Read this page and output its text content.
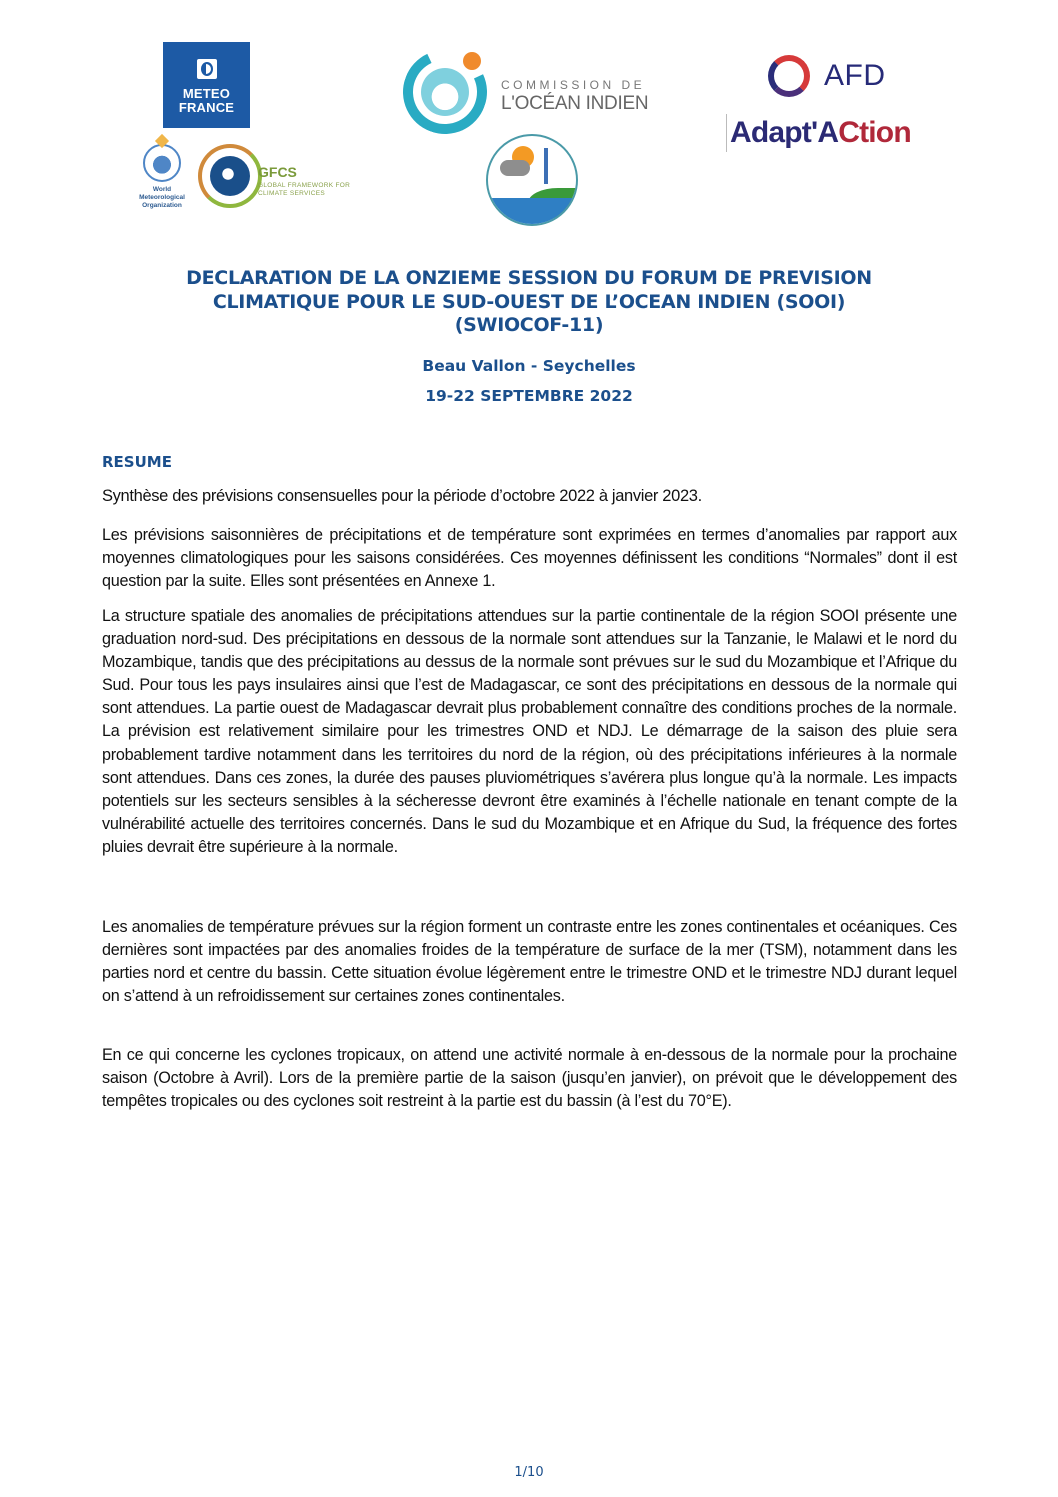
METEO
FRANCE
World
Meteorological
Organization
GFCS
GLOBAL FRAMEWORK FOR
CLIMATE SERVICES
COMMISSION DE
L'OCÉAN INDIEN
AFD
Adapt'ACtion
DECLARATION DE LA ONZIEME SESSION DU FORUM DE PREVISION
CLIMATIQUE POUR LE SUD-OUEST DE L’OCEAN INDIEN (SOOI)
(SWIOCOF-11)
Beau Vallon - Seychelles
19-22 SEPTEMBRE 2022
RESUME
Synthèse des prévisions consensuelles pour la période d’octobre 2022 à janvier 2023.

Les prévisions saisonnières de précipitations et de température sont exprimées en termes d’anomalies par rapport aux moyennes climatologiques pour les saisons considérées. Ces moyennes définissent les conditions “Normales” dont il est question par la suite. Elles sont présentées en Annexe 1.

La structure spatiale des anomalies de précipitations attendues sur la partie continentale de la région SOOI présente une graduation nord-sud. Des précipitations en dessous de la normale sont attendues sur la Tanzanie, le Malawi et le nord du Mozambique, tandis que des précipitations au dessus de la normale sont prévues sur le sud du Mozambique et l’Afrique du Sud. Pour tous les pays insulaires ainsi que l’est de Madagascar, ce sont des précipitations en dessous de la normale qui sont attendues. La partie ouest de Madagascar devrait plus probablement connaître des conditions proches de la normale. La prévision est relativement similaire pour les trimestres OND et NDJ. Le démarrage de la saison des pluie sera probablement tardive notamment dans les territoires du nord de la région, où des précipitations inférieures à la normale sont attendues. Dans ces zones, la durée des pauses pluviométriques s’avérera plus longue qu’à la normale. Les impacts potentiels sur les secteurs sensibles à la sécheresse devront être examinés à l’échelle nationale en tenant compte de la vulnérabilité actuelle des territoires concernés. Dans le sud du Mozambique et en Afrique du Sud, la fréquence des fortes pluies devrait être supérieure à la normale.

Les anomalies de température prévues sur la région forment un contraste entre les zones continentales et océaniques. Ces dernières sont impactées par des anomalies froides de la température de surface de la mer (TSM), notamment dans les parties nord et centre du bassin. Cette situation évolue légèrement entre le trimestre OND et le trimestre NDJ durant lequel on s’attend à un refroidissement sur certaines zones continentales.

En ce qui concerne les cyclones tropicaux, on attend une activité normale à en-dessous de la normale pour la prochaine saison (Octobre à Avril). Lors de la première partie de la saison (jusqu’en janvier), on prévoit que le développement des tempêtes tropicales ou des cyclones soit restreint à la partie est du bassin (à l’est du 70°E).

1/10
